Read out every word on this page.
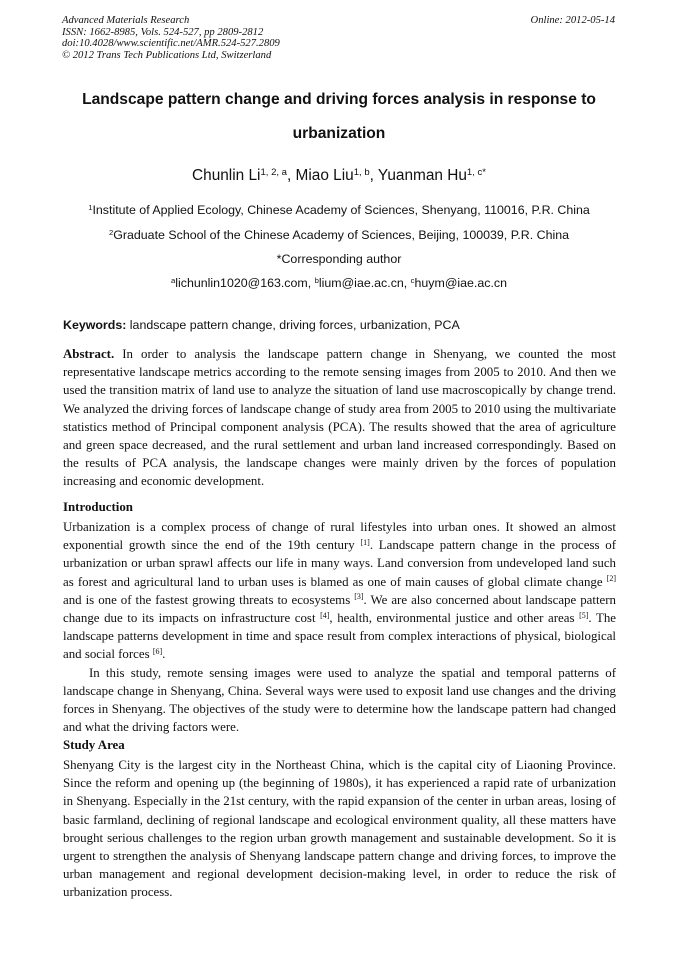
Advanced Materials Research
ISSN: 1662-8985, Vols. 524-527, pp 2809-2812
doi:10.4028/www.scientific.net/AMR.524-527.2809
© 2012 Trans Tech Publications Ltd, Switzerland
Online: 2012-05-14
Landscape pattern change and driving forces analysis in response to
urbanization
Chunlin Li$^{1, 2, a}$, Miao Liu$^{1, b}$, Yuanman $Hu^{1, c*}$
$^1$Institute of Applied Ecology, Chinese Academy of Sciences, Shenyang, 110016, P.R. China
$^2$Graduate School of the Chinese Academy of Sciences, Beijing, 100039, P.R. China
*Corresponding author
$^a$lichunlin1020@163.com, $^b$lium@iae.ac.cn, $^c$huym@iae.ac.cn
Keywords: landscape pattern change, driving forces, urbanization, PCA
Abstract. In order to analysis the landscape pattern change in Shenyang, we counted the most representative landscape metrics according to the remote sensing images from 2005 to 2010. And then we used the transition matrix of land use to analyze the situation of land use macroscopically by change trend. We analyzed the driving forces of landscape change of study area from 2005 to 2010 using the multivariate statistics method of Principal component analysis (PCA). The results showed that the area of agriculture and green space decreased, and the rural settlement and urban land increased correspondingly. Based on the results of PCA analysis, the landscape changes were mainly driven by the forces of population increasing and economic development.
Introduction
Urbanization is a complex process of change of rural lifestyles into urban ones. It showed an almost exponential growth since the end of the 19th century [1]. Landscape pattern change in the process of urbanization or urban sprawl affects our life in many ways. Land conversion from undeveloped land such as forest and agricultural land to urban uses is blamed as one of main causes of global climate change [2] and is one of the fastest growing threats to ecosystems [3]. We are also concerned about landscape pattern change due to its impacts on infrastructure cost [4], health, environmental justice and other areas [5]. The landscape patterns development in time and space result from complex interactions of physical, biological and social forces [6].
In this study, remote sensing images were used to analyze the spatial and temporal patterns of landscape change in Shenyang, China. Several ways were used to exposit land use changes and the driving forces in Shenyang. The objectives of the study were to determine how the landscape pattern had changed and what the driving factors were.
Study Area
Shenyang City is the largest city in the Northeast China, which is the capital city of Liaoning Province. Since the reform and opening up (the beginning of 1980s), it has experienced a rapid rate of urbanization in Shenyang. Especially in the 21st century, with the rapid expansion of the center in urban areas, losing of basic farmland, declining of regional landscape and ecological environment quality, all these matters have brought serious challenges to the region urban growth management and sustainable development. So it is urgent to strengthen the analysis of Shenyang landscape pattern change and driving forces, to improve the urban management and regional development decision-making level, in order to reduce the risk of urbanization process.
